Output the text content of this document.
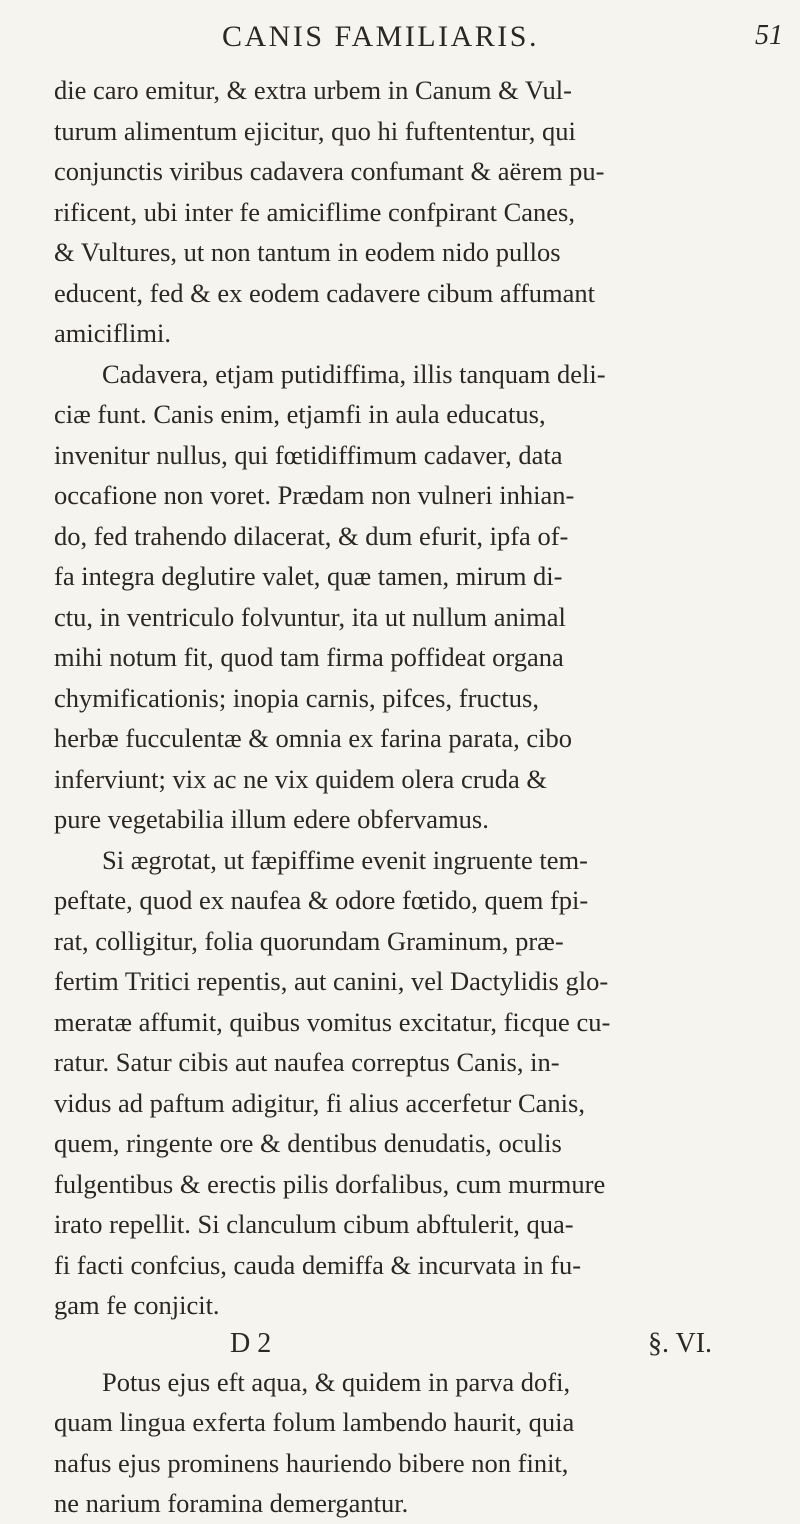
CANIS FAMILIARIS.	51

die caro emitur, & extra urbem in Canum & Vul-
turum alimentum ejicitur, quo hi fuftententur, qui
conjunctis viribus cadavera confumant & aërem pu-
rificent, ubi inter fe amiciflime confpirant Canes,
& Vultures, ut non tantum in eodem nido pullos
educent, fed & ex eodem cadavere cibum affumant
amiciflimi.

Cadavera, etjam putidiffima, illis tanquam deli-
ciæ funt. Canis enim, etjamfi in aula educatus,
invenitur nullus, qui fœtidiffimum cadaver, data
occafione non voret. Prædam non vulneri inhian-
do, fed trahendo dilacerat, & dum efurit, ipfa of-
fa integra deglutire valet, quæ tamen, mirum di-
ctu, in ventriculo folvuntur, ita ut nullum animal
mihi notum fit, quod tam firma poffideat organa
chymificationis; inopia carnis, pifces, fructus,
herbæ fucculentæ & omnia ex farina parata, cibo
inferviunt; vix ac ne vix quidem olera cruda &
pure vegetabilia illum edere obfervamus.

Si ægrotat, ut fæpiffime evenit ingruente tem-
peftate, quod ex naufea & odore fœtido, quem fpi-
rat, colligitur, folia quorundam Graminum, præ-
fertim Tritici repentis, aut canini, vel Dactylidis glo-
meratæ affumit, quibus vomitus excitatur, ficque cu-
ratur. Satur cibis aut naufea correptus Canis, in-
vidus ad paftum adigitur, fi alius accerfetur Canis,
quem, ringente ore & dentibus denudatis, oculis
fulgentibus & erectis pilis dorfalibus, cum murmure
irato repellit. Si clanculum cibum abftulerit, qua-
fi facti confcius, cauda demiffa & incurvata in fu-
gam fe conjicit.

Potus ejus eft aqua, & quidem in parva dofi,
quam lingua exferta folum lambendo haurit, quia
nafus ejus prominens hauriendo bibere non finit,
ne narium foramina demergantur.

D 2	§. VI.
